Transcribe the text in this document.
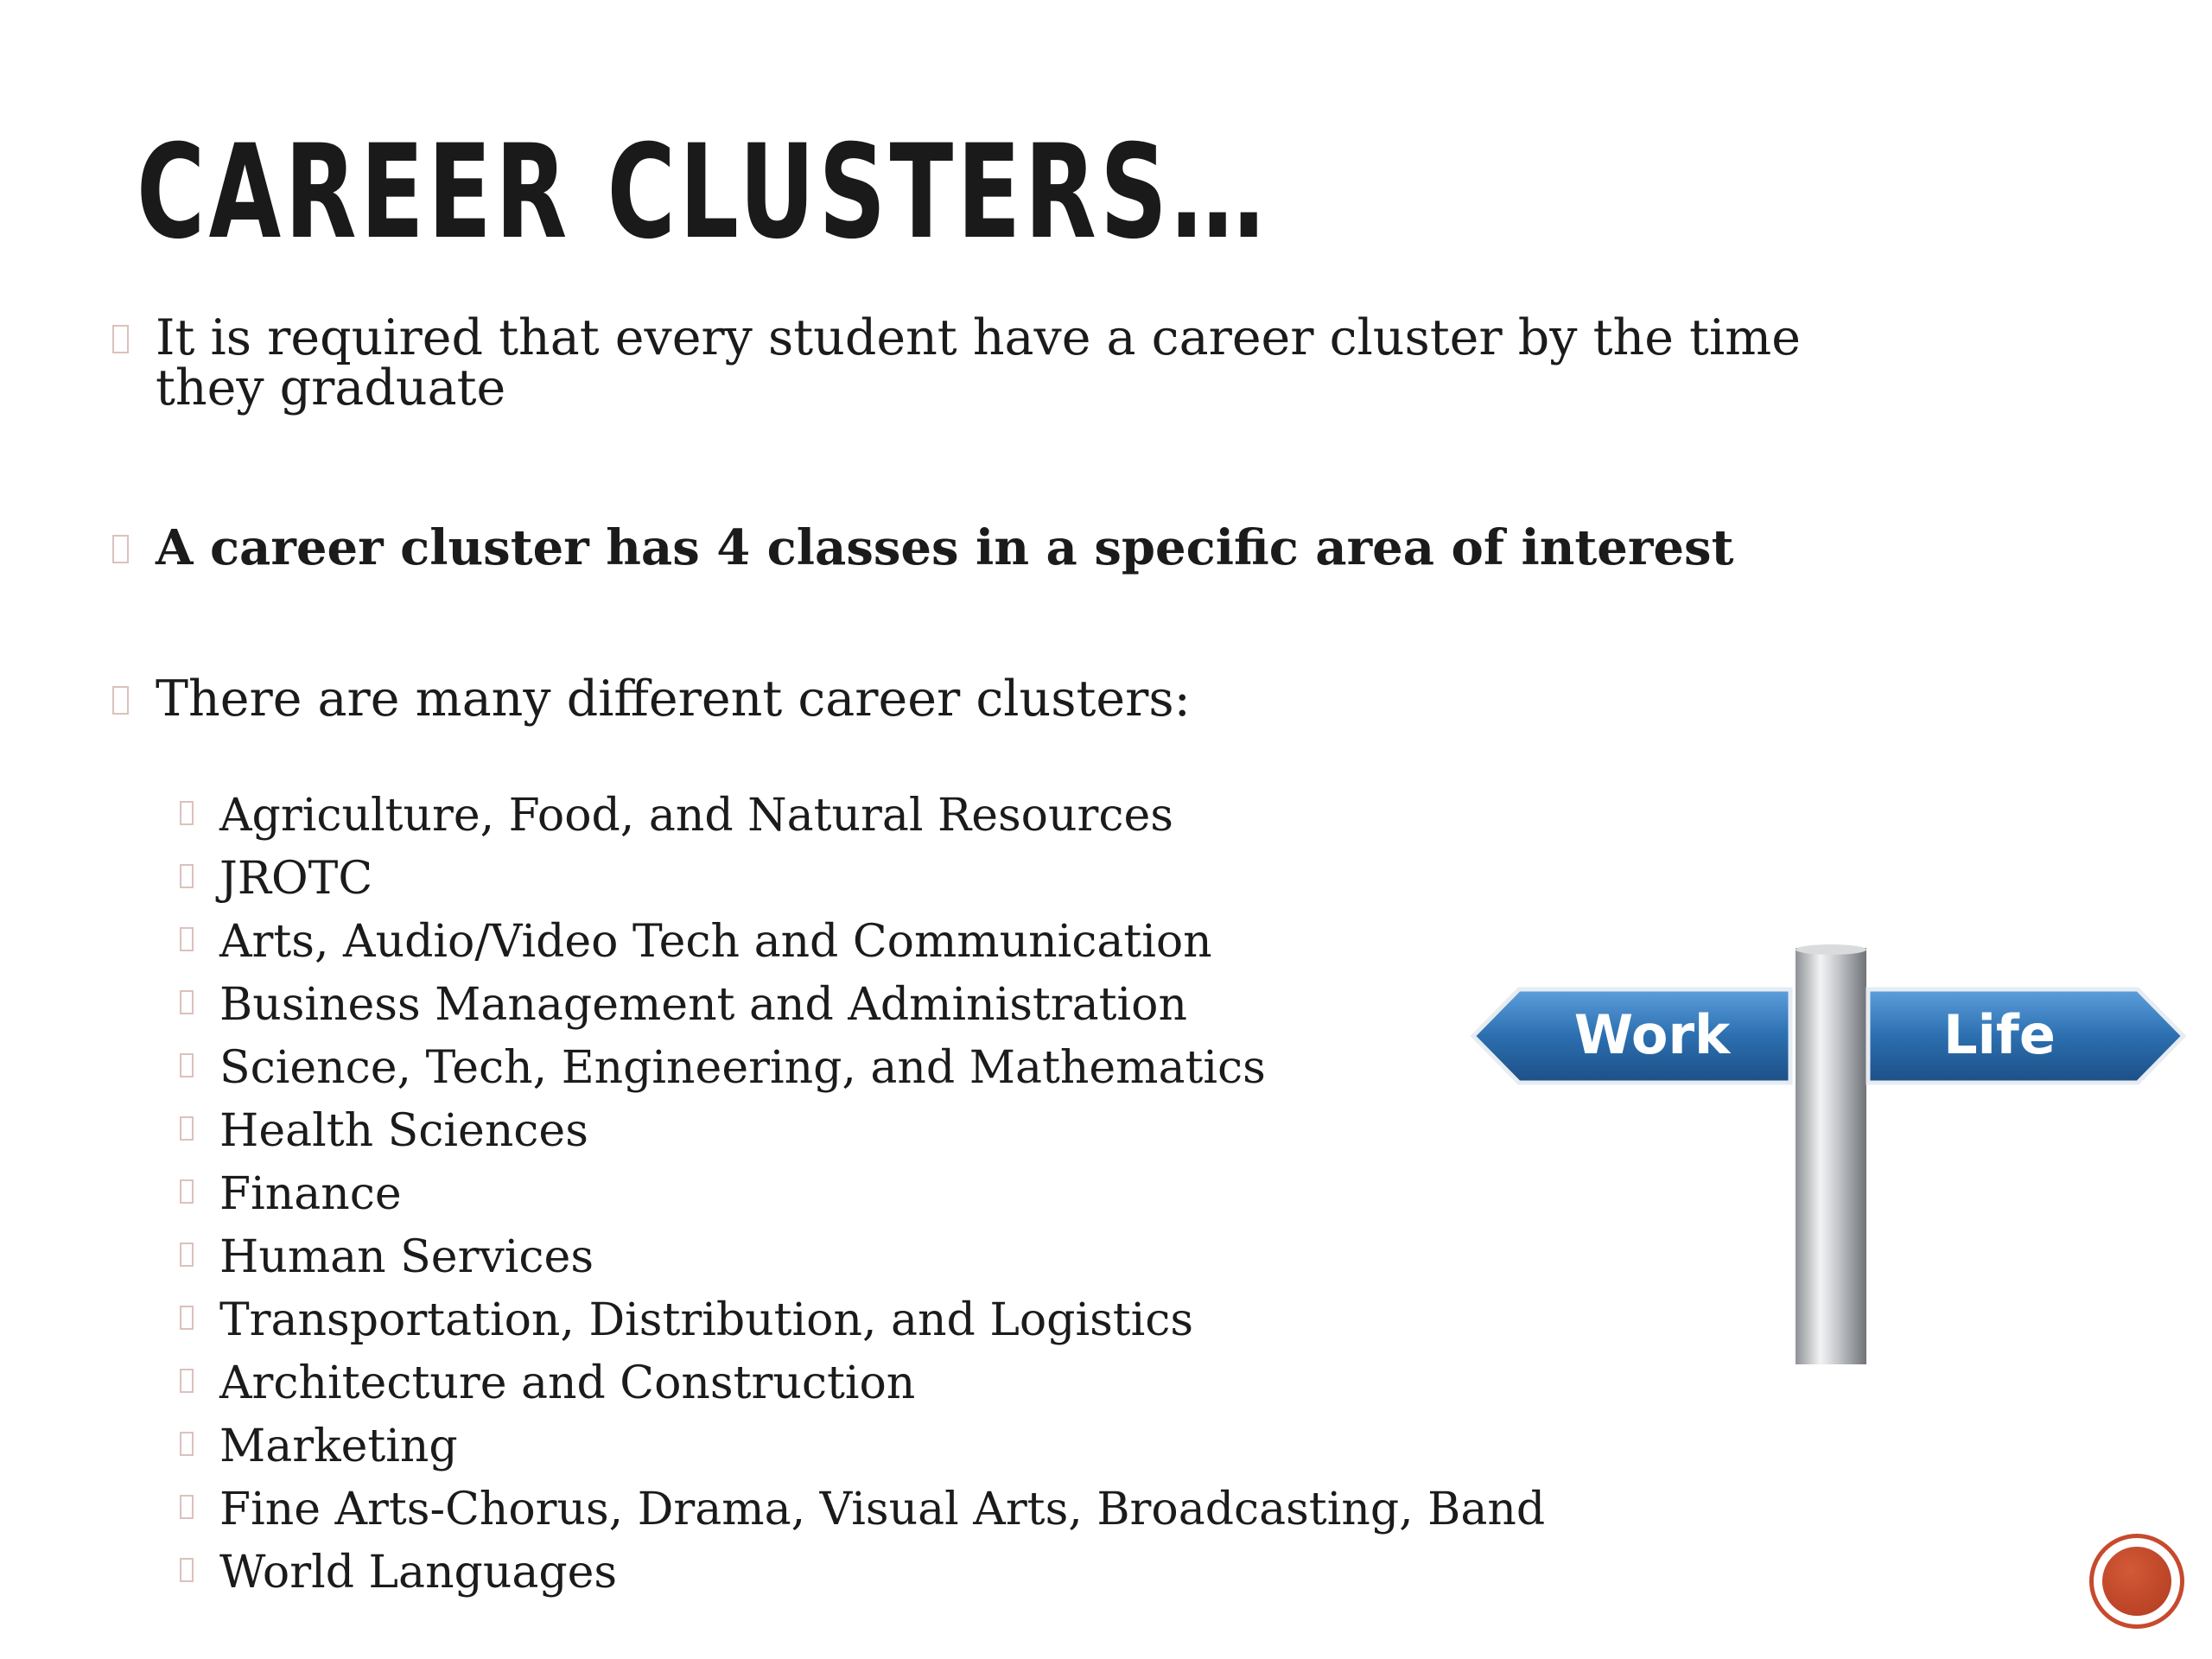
CAREER CLUSTERS…
It is required that every student have a career cluster by the time they graduate
A career cluster has 4 classes in a specific area of interest
There are many different career clusters:
Agriculture, Food, and Natural Resources
JROTC
Arts, Audio/Video Tech and Communication
Business Management and Administration
Science, Tech, Engineering, and Mathematics
Health Sciences
Finance
Human Services
Transportation, Distribution, and Logistics
Architecture and Construction
Marketing
Fine Arts-Chorus, Drama, Visual Arts, Broadcasting, Band
World Languages
Work	Life
